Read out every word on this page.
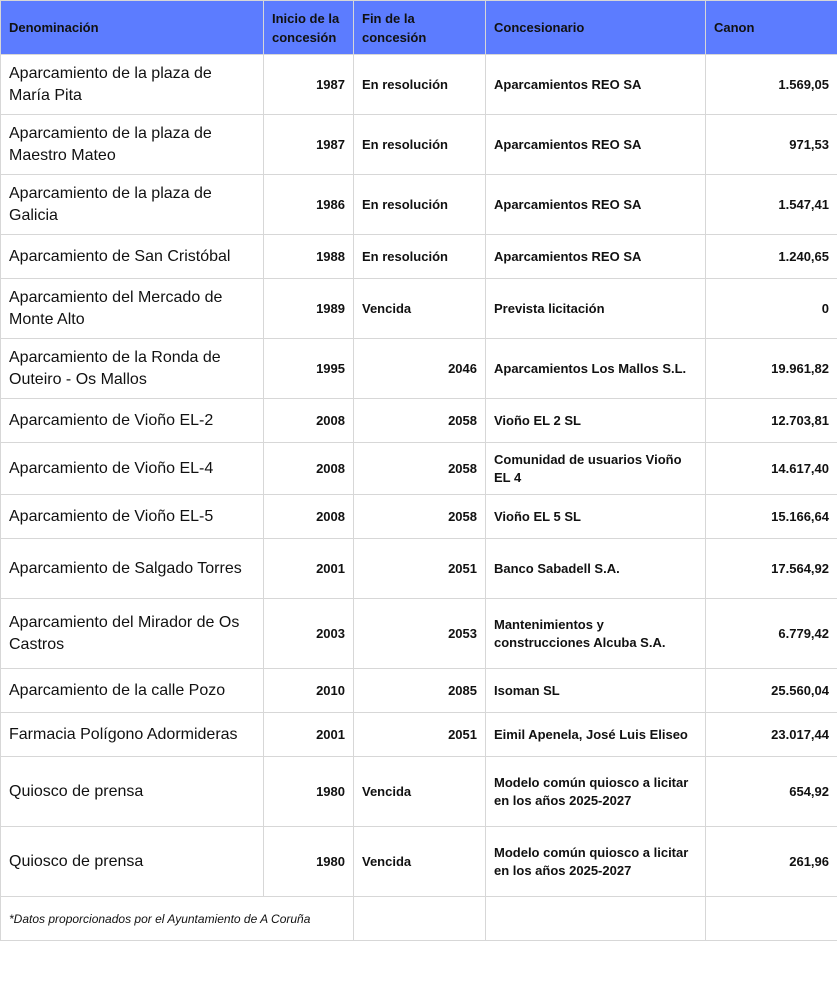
Denominación	Inicio de la concesión	Fin de la concesión	Concesionario	Canon
Aparcamiento de la plaza de María Pita	1987	En resolución	Aparcamientos REO SA	1.569,05
Aparcamiento de la plaza de Maestro Mateo	1987	En resolución	Aparcamientos REO SA	971,53
Aparcamiento de la plaza de Galicia	1986	En resolución	Aparcamientos REO SA	1.547,41
Aparcamiento de San Cristóbal	1988	En resolución	Aparcamientos REO SA	1.240,65
Aparcamiento del Mercado de Monte Alto	1989	Vencida	Prevista licitación	0
Aparcamiento de la Ronda de Outeiro - Os Mallos	1995	2046	Aparcamientos Los Mallos S.L.	19.961,82
Aparcamiento de Vioño EL-2	2008	2058	Vioño EL 2 SL	12.703,81
Aparcamiento de Vioño EL-4	2008	2058	Comunidad de usuarios Vioño EL 4	14.617,40
Aparcamiento de Vioño EL-5	2008	2058	Vioño EL 5 SL	15.166,64
Aparcamiento de Salgado Torres	2001	2051	Banco Sabadell S.A.	17.564,92
Aparcamiento del Mirador de Os Castros	2003	2053	Mantenimientos y construcciones Alcuba S.A.	6.779,42
Aparcamiento de la calle Pozo	2010	2085	Isoman SL	25.560,04
Farmacia Polígono Adormideras	2001	2051	Eimil Apenela, José Luis Eliseo	23.017,44
Quiosco de prensa	1980	Vencida	Modelo común quiosco a licitar en los años 2025-2027	654,92
Quiosco de prensa	1980	Vencida	Modelo común quiosco a licitar en los años 2025-2027	261,96
*Datos proporcionados por el Ayuntamiento de A Coruña				
